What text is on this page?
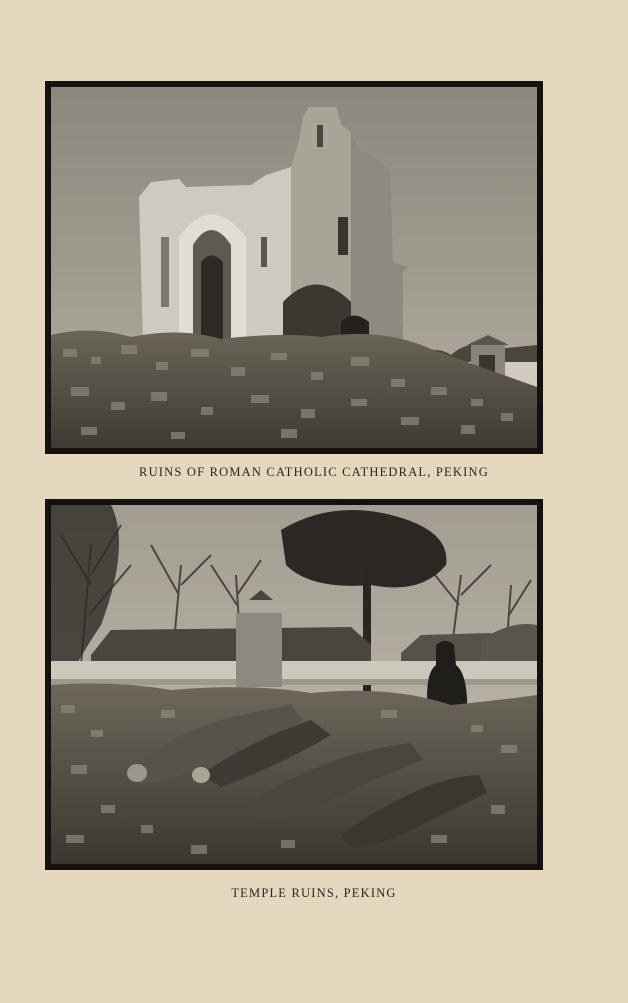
RUINS OF ROMAN CATHOLIC CATHEDRAL, PEKING
TEMPLE RUINS, PEKING
